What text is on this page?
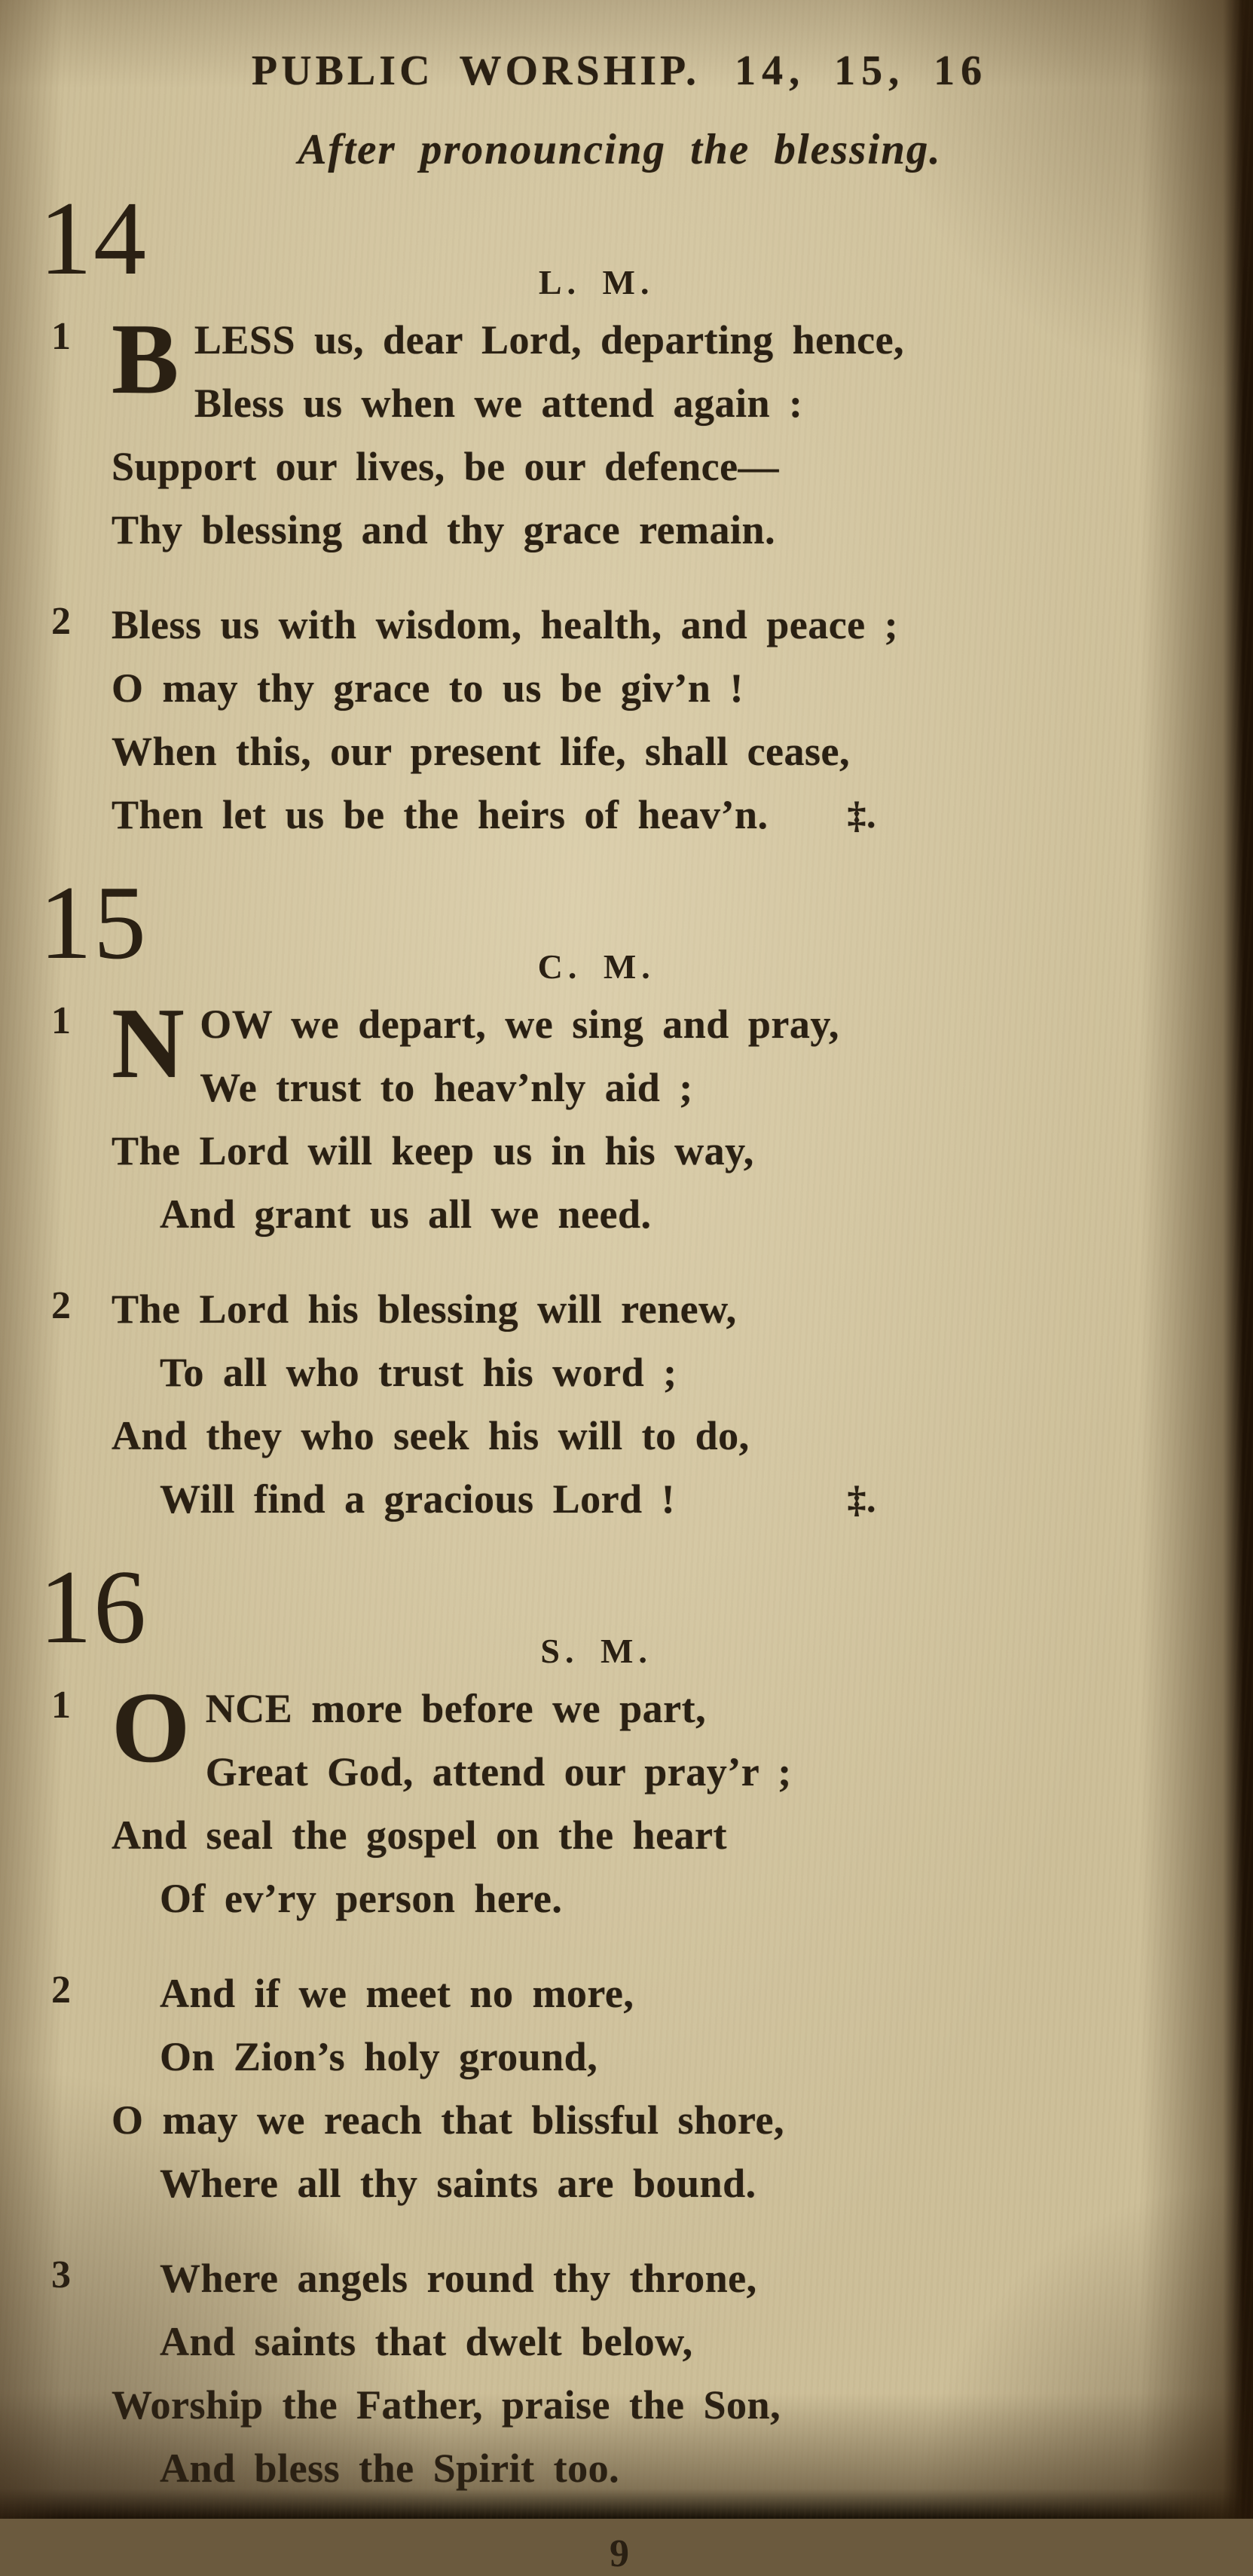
PUBLIC WORSHIP. 14, 15, 16
After pronouncing the blessing.
14	L. M.
1 BLESS us, dear Lord, departing hence,

Bless us when we attend again :

Support our lives, be our defence—

Thy blessing and thy grace remain.

2 Bless us with wisdom, health, and peace ;

O may thy grace to us be giv’n !

When this, our present life, shall cease,

Then let us be the heirs of heav’n. ‡.

15	C. M.
1 NOW we depart, we sing and pray,

We trust to heav’nly aid ;

The Lord will keep us in his way,

And grant us all we need.

2 The Lord his blessing will renew,

To all who trust his word ;

And they who seek his will to do,

Will find a gracious Lord !	‡.

16	S. M.
1 ONCE more before we part,

Great God, attend our pray’r ;

And seal the gospel on the heart

Of ev’ry person here.

2 And if we meet no more,

On Zion’s holy ground,

O may we reach that blissful shore,

Where all thy saints are bound.

3 Where angels round thy throne,

And saints that dwelt below,

Worship the Father, praise the Son,

And bless the Spirit too.

9
